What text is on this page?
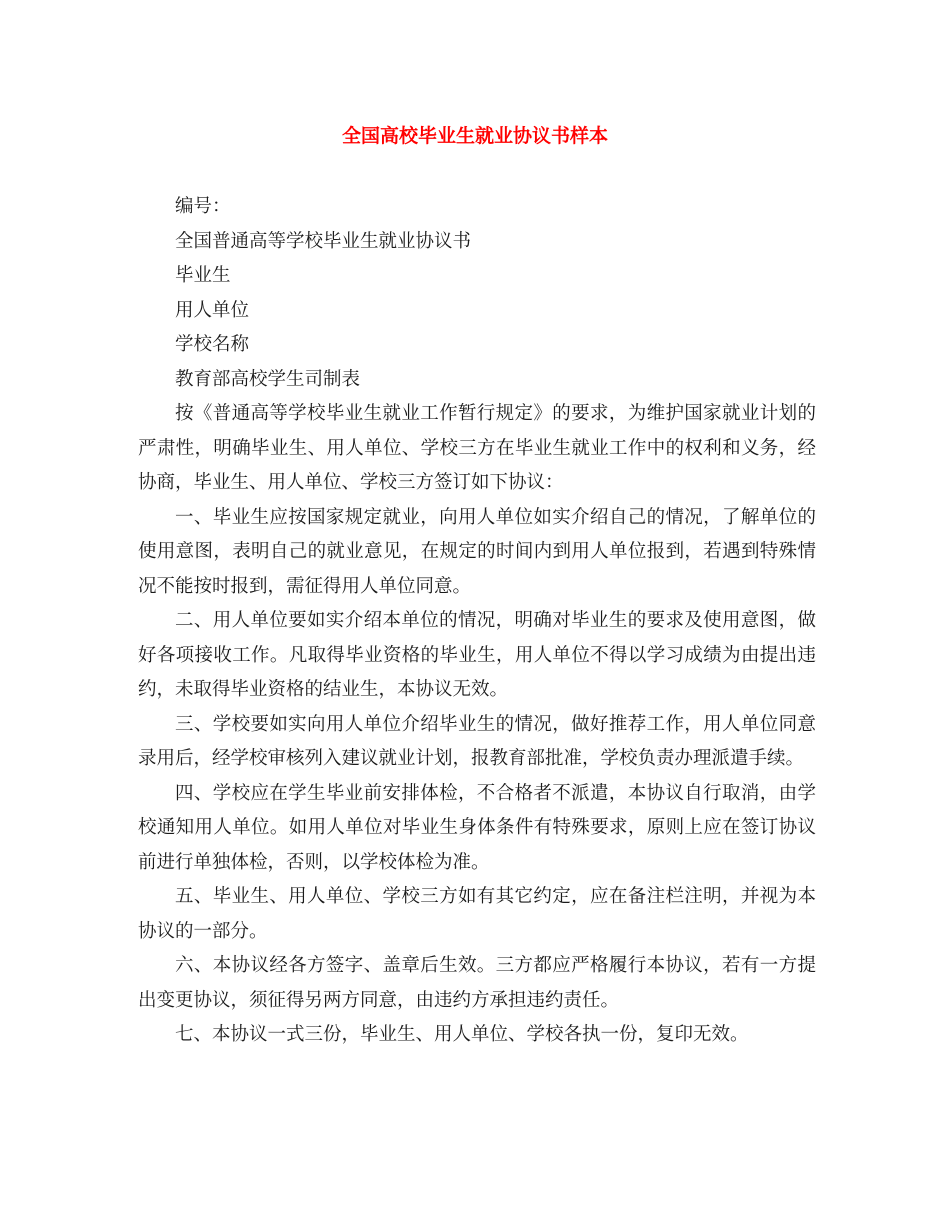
全国高校毕业生就业协议书样本

编号：

全国普通高等学校毕业生就业协议书

毕业生

用人单位

学校名称

教育部高校学生司制表

按《普通高等学校毕业生就业工作暂行规定》的要求，为维护国家就业计划的严肃性，明确毕业生、用人单位、学校三方在毕业生就业工作中的权利和义务，经协商，毕业生、用人单位、学校三方签订如下协议：

一、毕业生应按国家规定就业，向用人单位如实介绍自己的情况，了解单位的使用意图，表明自己的就业意见，在规定的时间内到用人单位报到，若遇到特殊情况不能按时报到，需征得用人单位同意。

二、用人单位要如实介绍本单位的情况，明确对毕业生的要求及使用意图，做好各项接收工作。凡取得毕业资格的毕业生，用人单位不得以学习成绩为由提出违约，未取得毕业资格的结业生，本协议无效。

三、学校要如实向用人单位介绍毕业生的情况，做好推荐工作，用人单位同意录用后，经学校审核列入建议就业计划，报教育部批准，学校负责办理派遣手续。

四、学校应在学生毕业前安排体检，不合格者不派遣，本协议自行取消，由学校通知用人单位。如用人单位对毕业生身体条件有特殊要求，原则上应在签订协议前进行单独体检，否则，以学校体检为准。

五、毕业生、用人单位、学校三方如有其它约定，应在备注栏注明，并视为本协议的一部分。

六、本协议经各方签字、盖章后生效。三方都应严格履行本协议，若有一方提出变更协议，须征得另两方同意，由违约方承担违约责任。

七、本协议一式三份，毕业生、用人单位、学校各执一份，复印无效。
